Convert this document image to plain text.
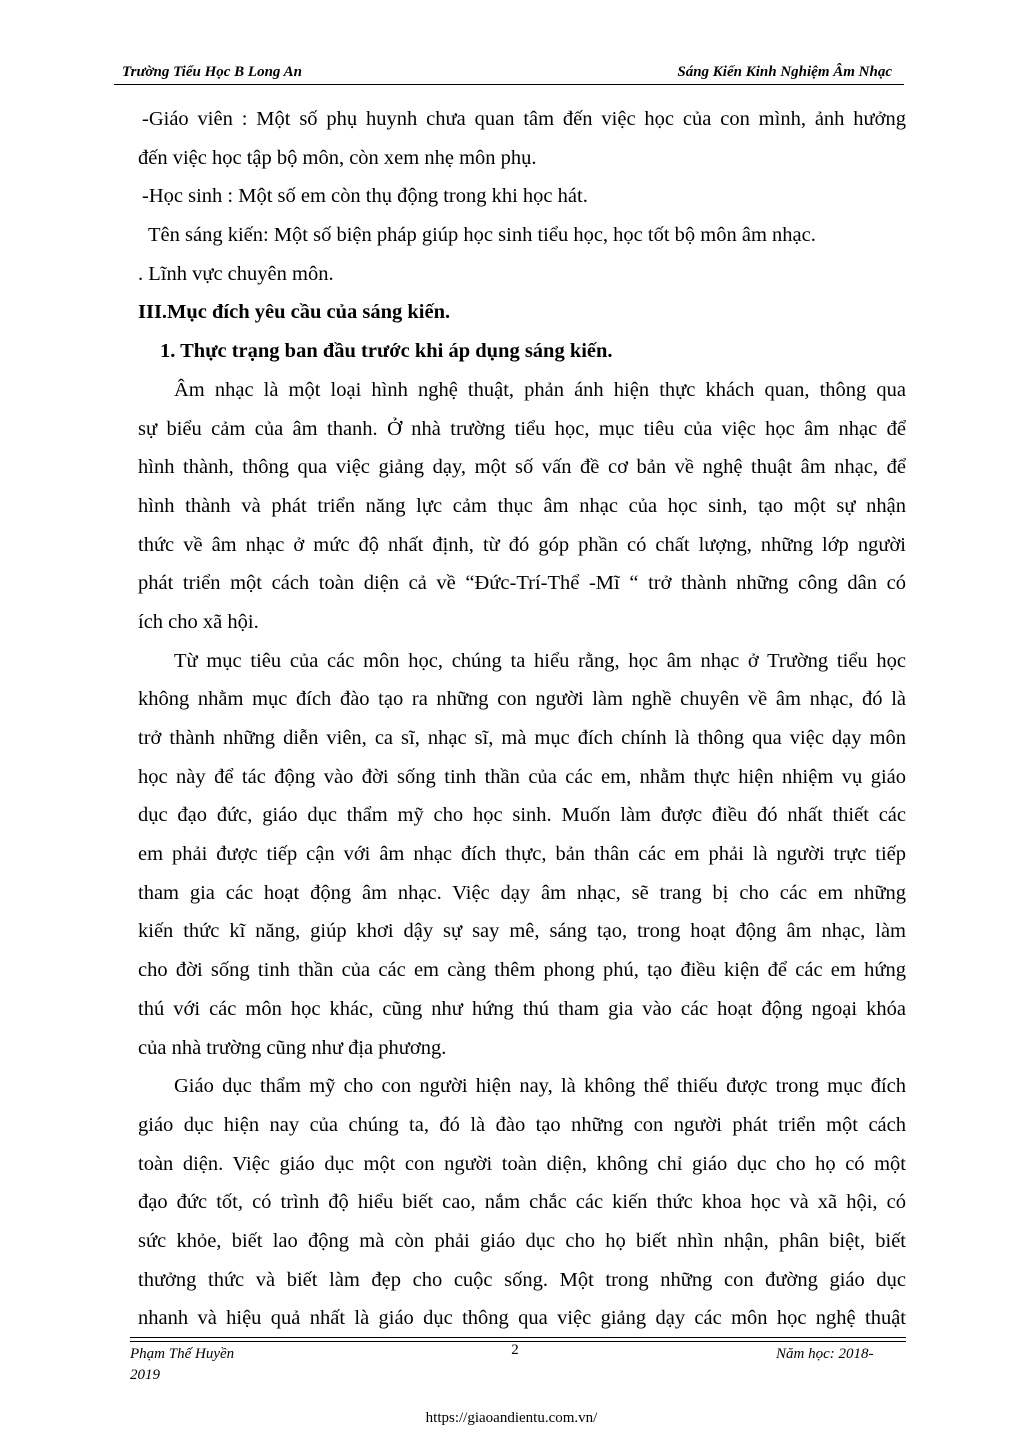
Trường Tiểu Học B Long An	Sáng Kiến Kinh Nghiệm Âm Nhạc
-Giáo viên : Một số phụ huynh chưa quan tâm đến việc học của con mình, ảnh hưởng
đến việc học tập bộ môn, còn xem nhẹ môn phụ.
-Học sinh : Một số em còn thụ động trong khi học hát.
Tên sáng kiến: Một số biện pháp giúp học sinh tiểu học, học tốt bộ môn âm nhạc.
. Lĩnh vực chuyên môn.
III.Mục đích yêu cầu của sáng kiến.
1. Thực trạng ban đầu trước khi áp dụng sáng kiến.
Âm nhạc là một loại hình nghệ thuật, phản ánh hiện thực khách quan, thông qua
sự biểu cảm của âm thanh. Ở nhà trường tiểu học, mục tiêu của việc học âm nhạc để
hình thành, thông qua việc giảng dạy, một số vấn đề cơ bản về nghệ thuật âm nhạc, để
hình thành và phát triển năng lực cảm thục âm nhạc của học sinh, tạo một sự nhận
thức về âm nhạc ở mức độ nhất định, từ đó góp phần có chất lượng, những lớp người
phát triển một cách toàn diện cả về “Đức-Trí-Thể -Mĩ “ trở thành những công dân có
ích cho xã hội.
Từ mục tiêu của các môn học, chúng ta hiểu rằng, học âm nhạc ở Trường tiểu học
không nhằm mục đích đào tạo ra những con người làm nghề chuyên về âm nhạc, đó là
trở thành những diễn viên, ca sĩ, nhạc sĩ, mà mục đích chính là thông qua việc dạy môn
học này để tác động vào đời sống tinh thần của các em, nhằm thực hiện nhiệm vụ giáo
dục đạo đức, giáo dục thẩm mỹ cho học sinh. Muốn làm được điều đó nhất thiết các
em phải được tiếp cận với âm nhạc đích thực, bản thân các em phải là người trực tiếp
tham gia các hoạt động âm nhạc. Việc dạy âm nhạc, sẽ trang bị cho các em những
kiến thức kĩ năng, giúp khơi dậy sự say mê, sáng tạo, trong hoạt động âm nhạc, làm
cho đời sống tinh thần của các em càng thêm phong phú, tạo điều kiện để các em hứng
thú với các môn học khác, cũng như hứng thú tham gia vào các hoạt động ngoại khóa
của nhà trường cũng như địa phương.
Giáo dục thẩm mỹ cho con người hiện nay, là không thể thiếu được trong mục đích
giáo dục hiện nay của chúng ta, đó là đào tạo những con người phát triển một cách
toàn diện. Việc giáo dục một con người toàn diện, không chỉ giáo dục cho họ có một
đạo đức tốt, có trình độ hiểu biết cao, nắm chắc các kiến thức khoa học và xã hội, có
sức khỏe, biết lao động mà còn phải giáo dục cho họ biết nhìn nhận, phân biệt, biết
thưởng thức và biết làm đẹp cho cuộc sống. Một trong những con đường giáo dục
nhanh và hiệu quả nhất là giáo dục thông qua việc giảng dạy các môn học nghệ thuật
Phạm Thế Huyền	2	Năm học: 2018-
2019
https://giaoandientu.com.vn/
